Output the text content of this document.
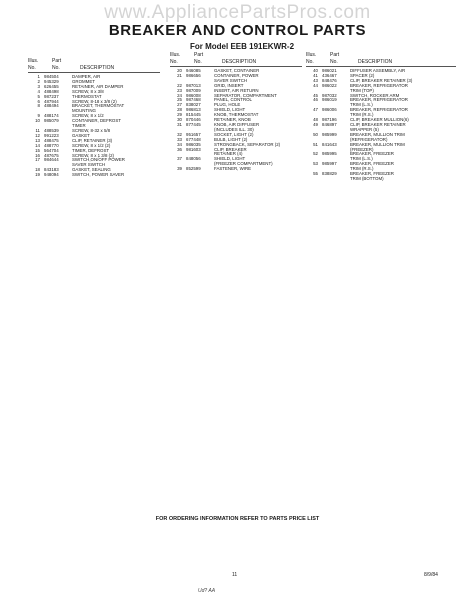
www.AppliancePartsPros.com
BREAKER AND CONTROL PARTS
For Model EEB 191EKWR-2
Illus.	Part
No.	No.	DESCRIPTION
1 984504	DAMPER, AIR
2 945329	GROMMET
3 626455	RETAINER, AIR DAMPER
4 488498	SCREW, 8 x 3/8
5 987237	THERMOSTAT
6 487944	SCREW, 8-18 x 3/8 (2)
8 488494	BRACKET, THERMOSTAT
MOUNTING
9 488174	SCREW, 8 x 1/2
10 985079	CONTAINER, DEFROST
TIMER
11 488539	SCREW, 8-32 x 5/8
12 991223	GASKET
13 488475	CLIP, RETAINER (3)
14 488770	SCREW, 8 x 1/2 (2)
15 564704	TIMER, DEFROST
16 487675	SCREW, 8 x 1 3/8 (2)
17 984644	SWITCH,ON/OFF POWER
SAVER SWITCH
18 843183	GASKET, SEALING
19 948094	SWITCH, POWER SAVER
Illus.	Part
No.	No.	DESCRIPTION
20 946085	GASKET, CONTAINER
21 986656	CONTAINER, POWER
SAVER SWITCH
22 987013	GRID, INSERT
23 987009	INSERT, AIR RETURN
24 986008	SEPARATOR, COMPARTMENT
25 987468	PANEL, CONTROL
27 838027	PLUG, HOLE
28 986813	SHIELD, LIGHT
29 815445	KNOB, THERMOSTAT
30 870446	RETAINER, KNOB
31 877445	KNOB, AIR DIFFUSER
(INCLUDES ILL. 30)
32 951657	SOCKET, LIGHT (2)
33 677448	BULB, LIGHT (2)
34 986035	STRONGBACK, SEPARATOR (2)
36 981603	CLIP, BREAKER
RETAINER (4)
37 848056	SHIELD, LIGHT
(FREEZER COMPARTMENT)
39 852599	FASTENER, WIRE
Illus.	Part
No.	No.	DESCRIPTION
40 986021	DIFFUSER ASSEMBLY, AIR
41 436467	SPACER (2)
43 848476	CLIP, BREAKER RETAINER (3)
44 986022	BREAKER, REFRIGERATOR
TRIM (TOP)
45 987032	SWITCH, ROCKER ARM
46 986019	BREAKER, REFRIGERATOR
TRIM (L.S.)
47 986006	BREAKER, REFRIGERATOR
TRIM (R.S.)
48 987196	CLIP, BREAKER MULLION(6)
49 846897	CLIP, BREAKER RETAINER
WRAPPER (5)
50 985999	BREAKER, MULLION TRIM
(REFRIGERATOR)
51 841643	BREAKER, MULLION TRIM
(FREEZER)
52 985995	BREAKER, FREEZER
TRIM (L.S.)
53 985997	BREAKER, FREEZER
TRIM (R.S.)
55 838829	BREAKER, FREEZER
TRIM (BOTTOM)
FOR ORDERING INFORMATION REFER TO PARTS PRICE LIST
11	8/9/84
Ud? AA
